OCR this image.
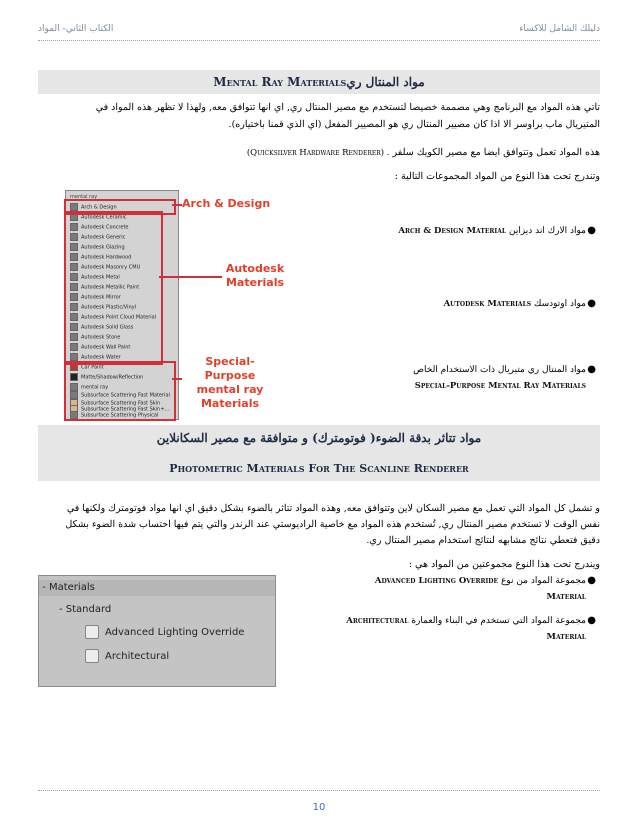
الكتاب الثاني- المواد	دليلك الشامل للاكساء
Mental Ray Materialsمواد المنتال ري
تاتي هذه المواد مع البرنامج وهي مصممة خصيصا لتستخدم مع مصير المنتال ري, اي انها تتوافق معه, ولهذا لا تظهر هذه المواد في
المتيريال ماب براوسر الا اذا كان مصيير المنتال ري هو المصيير المفعل (اي الذي قمنا باختياره).
هذه المواد تعمل وتتوافق ايضا مع مصير الكويك سلفر (Quicksilver Hardware Renderer) .
وتندرج تحت هذا النوع من المواد المجموعات التالية :
mental ray
Arch & Design
Autodesk Ceramic
Autodesk Concrete
Autodesk Generic
Autodesk Glazing
Autodesk Hardwood
Autodesk Masonry CMU
Autodesk Metal
Autodesk Metallic Paint
Autodesk Mirror
Autodesk Plastic/Vinyl
Autodesk Point Cloud Material
Autodesk Solid Glass
Autodesk Stone
Autodesk Wall Paint
Autodesk Water
Car Paint
Matte/Shadow/Reflection
mental ray
Subsurface Scattering Fast Material
Subsurface Scattering Fast Skin
Subsurface Scattering Fast Skin+...
Subsurface Scattering Physical
Arch & Design
Autodesk
Materials
Special-Purpose
mental ray
Materials
●
مواد الارك اند ديزاين Arch & Design Material
●
مواد اوتودسك Autodesk Materials
●
مواد المنتال ري متيريال ذات الاستخدام الخاص
Special-Purpose Mental Ray Materials
مواد تتاثر بدقة الضوء( فوتومترك) و متوافقة مع مصير السكانلاين
Photometric Materials For The Scanline Renderer
و تشمل كل المواد التي تعمل مع مصير السكان لاين وتتوافق معه, وهذه المواد تتاثر بالضوء بشكل دقيق اي انها مواد فوتومترك ولكنها في
نفس الوقت لا تستخدم مصير المنتال ري, تُستخدم هذه المواد مع خاصية الراديوستي عند الرندر والتي يتم فيها احتساب شدة الضوء بشكل
دقيق فتعطي نتائج مشابهه لنتائج استخدام مصير المنتال ري.
ويندرج تحت هذا النوع مجموعتين من المواد هي :
- Materials
- Standard
Advanced Lighting Override
Architectural
●
مجموعة المواد من نوع Advanced Lighting Override
Material
●
مجموعة المواد التي تستخدم في البناء والعمارة Architectural
Material
10
